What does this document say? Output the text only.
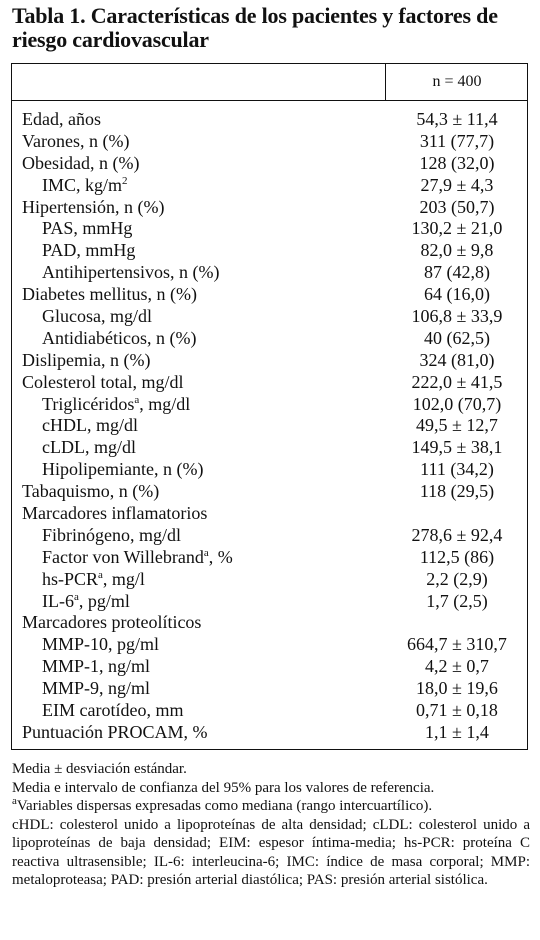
Tabla 1. Características de los pacientes y factores de riesgo cardiovascular
n = 400
Edad, años	54,3 ± 11,4
Varones, n (%)	311 (77,7)
Obesidad, n (%)	128 (32,0)
IMC, $kg/m^2$	27,9 ± 4,3
Hipertensión, n (%)	203 (50,7)
PAS, mmHg	130,2 ± 21,0
PAD, mmHg	82,0 ± 9,8
Antihipertensivos, n (%)	87 (42,8)
Diabetes mellitus, n (%)	64 (16,0)
Glucosa, mg/dl	106,8 ± 33,9
Antidiabéticos, n (%)	40 (62,5)
Dislipemia, n (%)	324 (81,0)
Colesterol total, mg/dl	222,0 ± 41,5
Triglicéridos$^a$, mg/dl	102,0 (70,7)
cHDL, mg/dl	49,5 ± 12,7
cLDL, mg/dl	149,5 ± 38,1
Hipolipemiante, n (%)	111 (34,2)
Tabaquismo, n (%)	118 (29,5)
Marcadores inflamatorios
Fibrinógeno, mg/dl	278,6 ± 92,4
Factor von Willebrand$^a$, %	112,5 (86)
hs-PCR$^a$, mg/l	2,2 (2,9)
IL-6$^a$, pg/ml	1,7 (2,5)
Marcadores proteolíticos
MMP-10, pg/ml	664,7 ± 310,7
MMP-1, ng/ml	4,2 ± 0,7
MMP-9, ng/ml	18,0 ± 19,6
EIM carotídeo, mm	0,71 ± 0,18
Puntuación PROCAM, %	1,1 ± 1,4

Media ± desviación estándar.

Media e intervalo de confianza del 95% para los valores de referencia.

$^a$Variables dispersas expresadas como mediana (rango intercuartílico).

cHDL: colesterol unido a lipoproteínas de alta densidad; cLDL: colesterol unido a lipoproteínas de baja densidad; EIM: espesor íntima-media; hs-PCR: proteína C reactiva ultrasensible; IL-6: interleucina-6; IMC: índice de masa corporal; MMP: metaloproteasa; PAD: presión arterial diastólica; PAS: presión arterial sistólica.
